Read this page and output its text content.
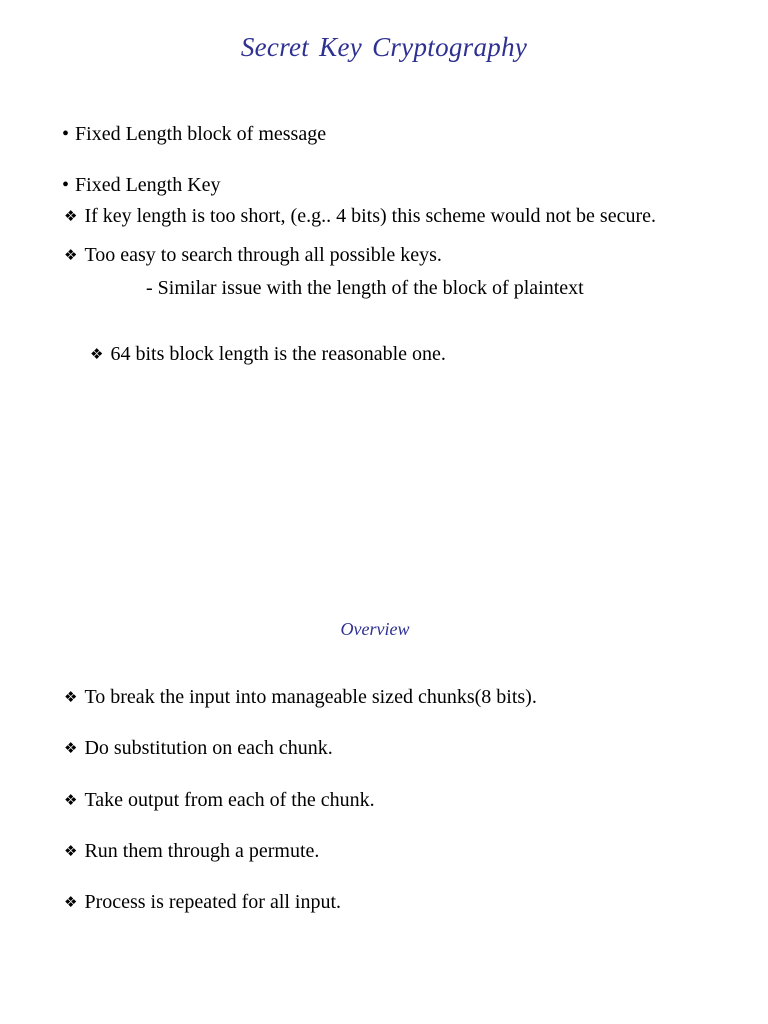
Secret Key Cryptography
• Fixed Length block of message
• Fixed Length Key
❖ If key length is too short, (e.g.. 4 bits) this scheme would not be secure.
❖ Too easy to search through all possible keys.
- Similar issue with the length of the block of plaintext
❖ 64 bits block length is the reasonable one.
Overview
❖ To break the input into manageable sized chunks(8 bits).
❖ Do substitution on each chunk.
❖ Take output from each of the chunk.
❖ Run them through a permute.
❖ Process is repeated for all input.
